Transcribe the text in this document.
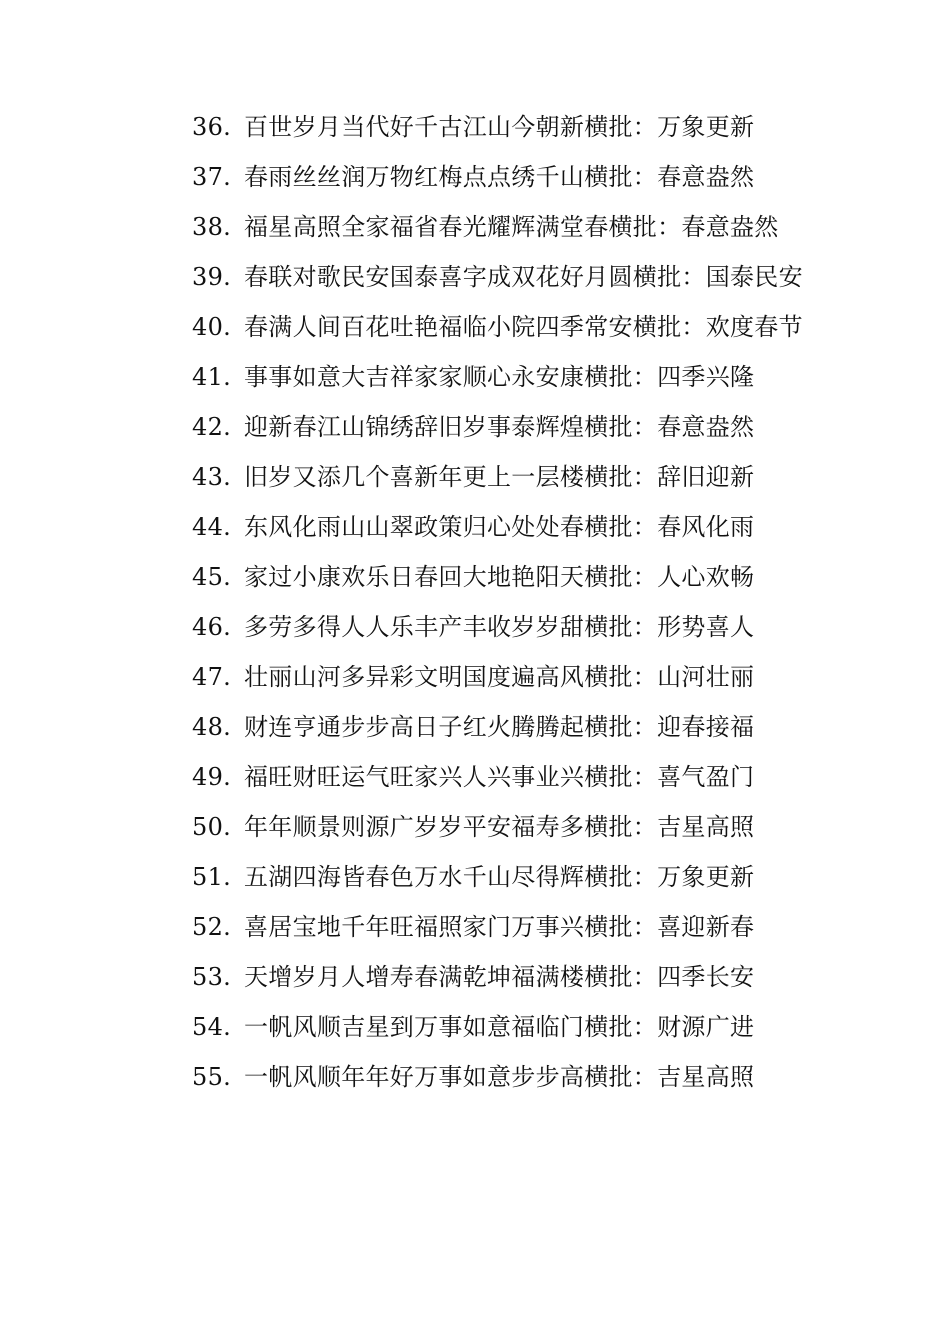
36. 百世岁月当代好千古江山今朝新横批：万象更新

37. 春雨丝丝润万物红梅点点绣千山横批：春意盎然

38. 福星高照全家福省春光耀辉满堂春横批：春意盎然

39. 春联对歌民安国泰喜字成双花好月圆横批：国泰民安

40. 春满人间百花吐艳福临小院四季常安横批：欢度春节

41. 事事如意大吉祥家家顺心永安康横批：四季兴隆

42. 迎新春江山锦绣辞旧岁事泰辉煌横批：春意盎然

43. 旧岁又添几个喜新年更上一层楼横批：辞旧迎新

44. 东风化雨山山翠政策归心处处春横批：春风化雨

45. 家过小康欢乐日春回大地艳阳天横批：人心欢畅

46. 多劳多得人人乐丰产丰收岁岁甜横批：形势喜人

47. 壮丽山河多异彩文明国度遍高风横批：山河壮丽

48. 财连亨通步步高日子红火腾腾起横批：迎春接福

49. 福旺财旺运气旺家兴人兴事业兴横批：喜气盈门

50. 年年顺景则源广岁岁平安福寿多横批：吉星高照

51. 五湖四海皆春色万水千山尽得辉横批：万象更新

52. 喜居宝地千年旺福照家门万事兴横批：喜迎新春

53. 天增岁月人增寿春满乾坤福满楼横批：四季长安

54. 一帆风顺吉星到万事如意福临门横批：财源广进

55. 一帆风顺年年好万事如意步步高横批：吉星高照
